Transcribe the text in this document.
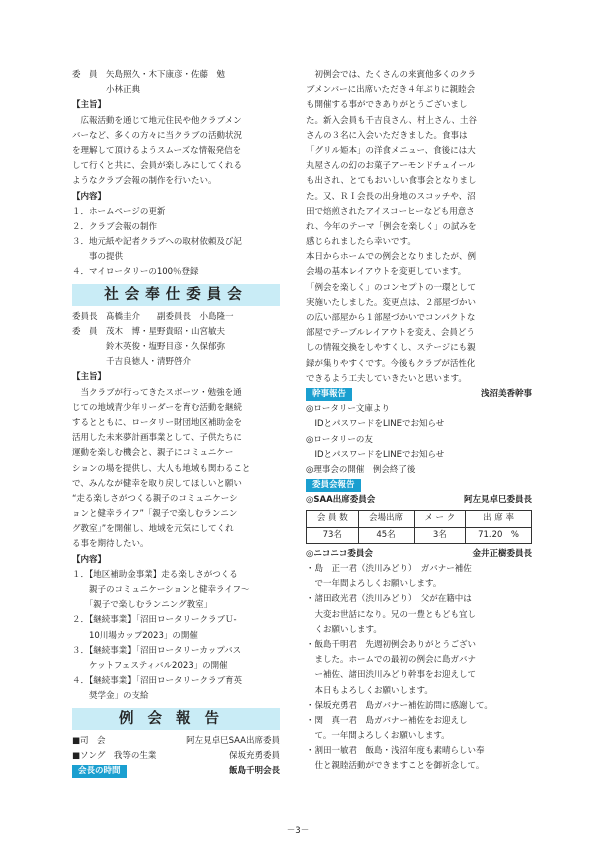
委　員　矢島照久・木下康彦・佐藤　勉
　　　　小林正典
【主旨】
　広報活動を通じて地元住民や他クラブメン
バーなど、多くの方々に当クラブの活動状況
を理解して頂けるようスムーズな情報発信を
して行くと共に、会員が楽しみにしてくれる
ようなクラブ会報の制作を行いたい。
【内容】
１．ホームページの更新
２．クラブ会報の制作
３．地元紙や記者クラブへの取材依頼及び記
　　事の提供
４．マイロータリーの100％登録
社会奉仕委員会
委員長　髙橋圭介　　副委員長　小島隆一
委　員　茂木　博・星野貴昭・山宮敏夫
　　　　鈴木英俊・塩野目彦・久保郁弥
　　　　千吉良徳人・清野啓介
【主旨】
　当クラブが行ってきたスポーツ・勉強を通
じての地域青少年リーダーを育む活動を継続
するとともに、ロータリー財団地区補助金を
活用した未来夢計画事業として、子供たちに
運動を楽しむ機会と、親子にコミュニケー
ションの場を提供し、大人も地域も関わること
で、みんなが健幸を取り戻してほしいと願い
“走る楽しさがつくる親子のコミュニケーシ
ョンと健幸ライフ”「親子で楽しむランニン
グ教室」”を開催し、地域を元気にしてくれ
る事を期待したい。
【内容】
１．【地区補助金事業】走る楽しさがつくる
　　親子のコミュニケーションと健幸ライフ～
　　「親子で楽しむランニング教室」
２．【継続事業】「沼田ロータリークラブＵ-
　　10川場カップ2023」の開催
３．【継続事業】「沼田ロータリーカップバス
　　ケットフェスティバル2023」の開催
４．【継続事業】「沼田ロータリークラブ育英
　　奨学金」の支給
例会報告
■司　会	阿左見卓巳SAA出席委員
■ソング　我等の生業	保坂充勇委員
会長の時間	飯島千明会長
　初例会では、たくさんの来賓他多くのクラ
ブメンバーに出席いただき４年ぶりに親睦会
も開催する事ができありがとうございまし
た。新入会員も千吉良さん、村上さん、土谷
さんの３名に入会いただきました。食事は
「グリル姫本」の洋食メニュー、食後には大
丸屋さんの幻のお菓子アーモンドチュイール
も出され、とてもおいしい食事会となりまし
た。又、ＲＩ会長の出身地のスコッチや、沼
田で焙煎されたアイスコーヒーなども用意さ
れ、今年のテーマ「例会を楽しく」の試みを
感じられましたら幸いです。
本日からホームでの例会となりましたが、例
会場の基本レイアウトを変更しています。
「例会を楽しく」のコンセプトの一環として
実施いたしました。変更点は、２部屋づかい
の広い部屋から１部屋づかいでコンパクトな
部屋でテーブルレイアウトを変え、会員どう
しの情報交換をしやすくし、ステージにも親
録が集りやすくです。今後もクラブが活性化
できるよう工夫していきたいと思います。
幹事報告	浅沼美香幹事
◎ロータリー文庫より
　IDとパスワードをLINEでお知らせ
◎ロータリーの友
　IDとパスワードをLINEでお知らせ
◎理事会の開催　例会終了後
委員会報告
◎SAA出席委員会	阿左見卓巳委員長
会 員 数	会場出席	メ ー ク	出 席 率
73名	45名	3名	71.20　%
◎ニコニコ委員会	金井正樹委員長
・島　正一君（渋川みどり）　ガバナー補佐
　で一年間よろしくお願いします。
・諸田政光君（渋川みどり）　父が在籍中は
　大変お世話になり。兄の一豊ともども宜し
　くお願いします。
・飯島千明君　先週初例会ありがとうござい
　ました。ホームでの最初の例会に島ガバナ
　ー補佐、諸田渋川みどり幹事をお迎えして
　本日もよろしくお願いします。
・保坂充勇君　島ガバナー補佐訪問に感謝して。
・関　真一君　島ガバナー補佐をお迎えし
　て。一年間よろしくお願いします。
・割田一敏君　飯島・浅沼年度も素晴らしい奉
　仕と親睦活動ができますことを御祈念して。
－3－
